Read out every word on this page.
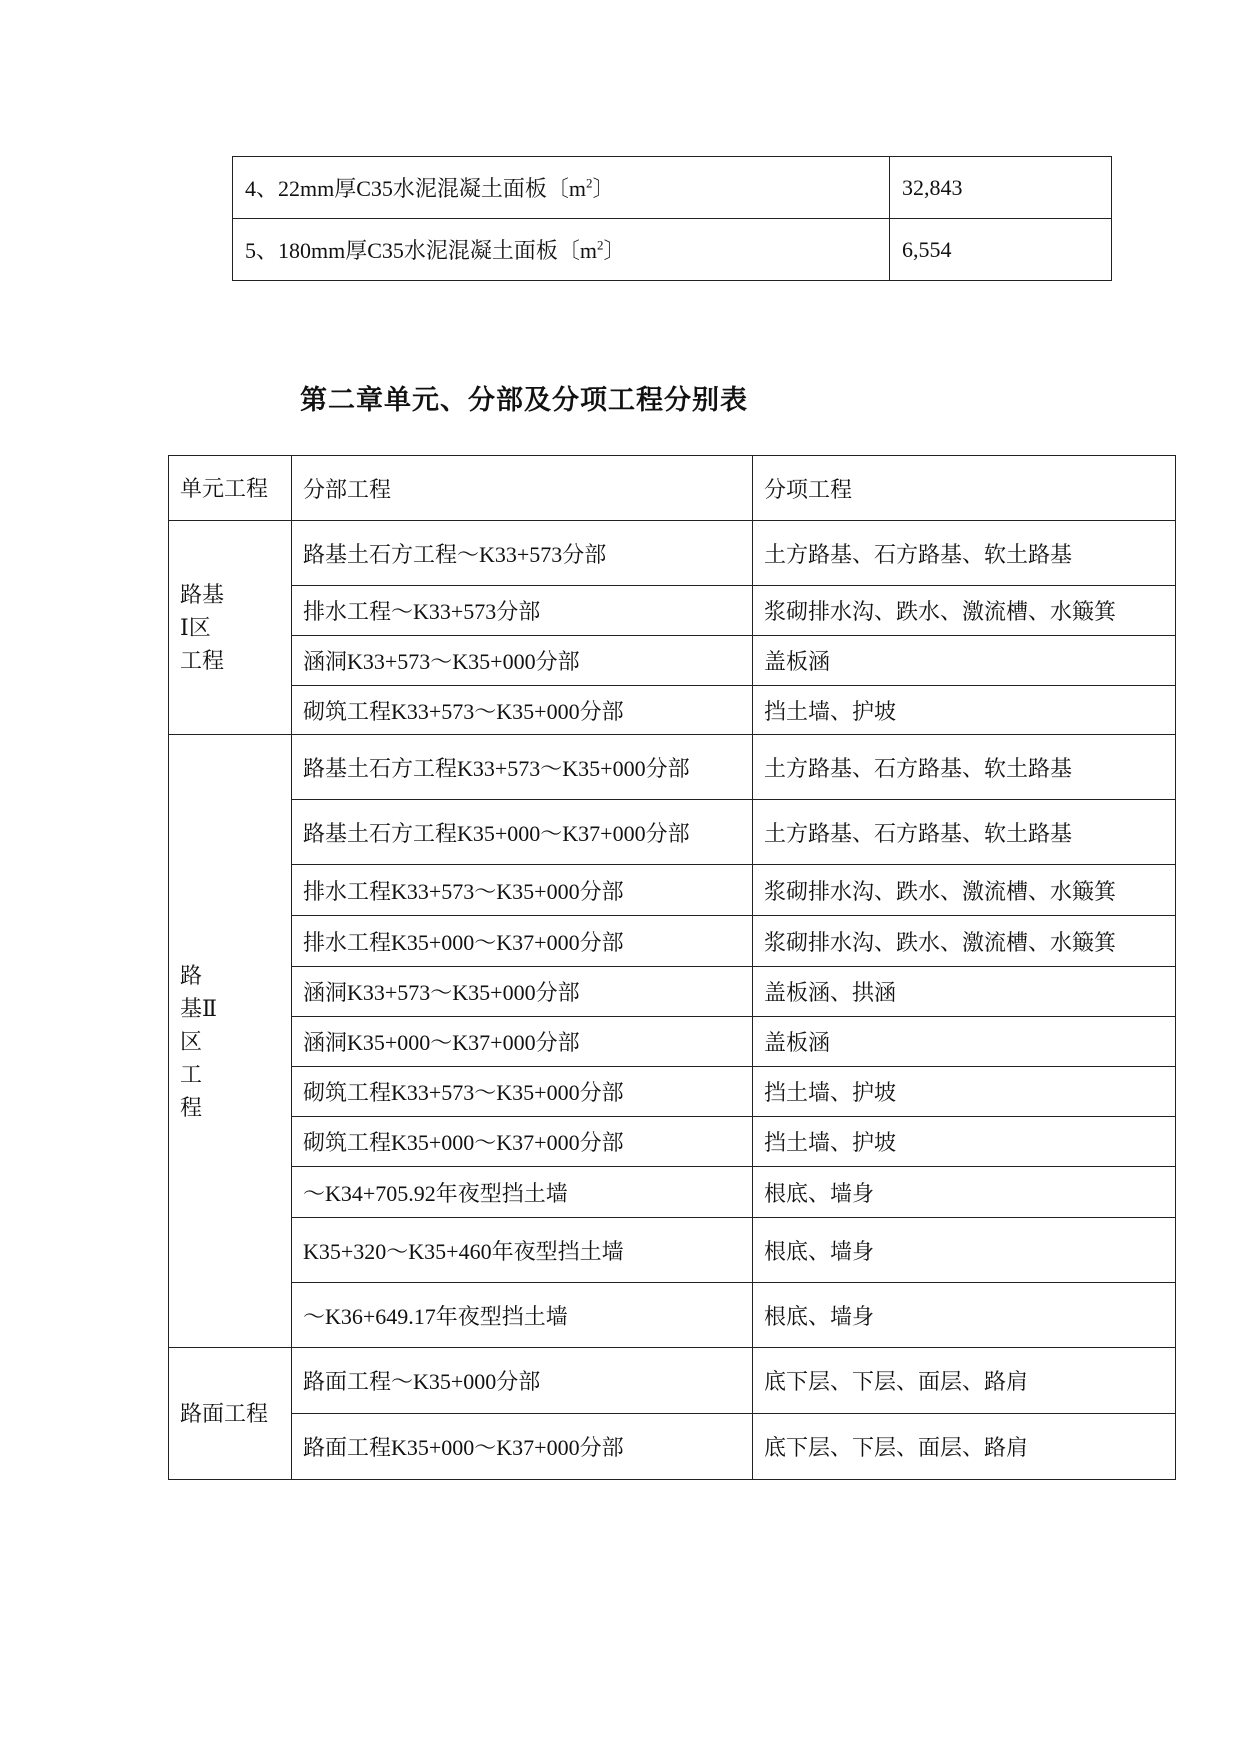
4、22mm厚C35水泥混凝土面板〔$m^2$〕	32,843
5、180mm厚C35水泥混凝土面板〔$m^2$〕	6,554
第二章单元、分部及分项工程分别表
单元工程	分部工程	分项工程

路基
Ⅰ区
工程	路基土石方工程～K33+573分部	土方路基、石方路基、软土路基
	排水工程～K33+573分部	浆砌排水沟、跌水、激流槽、水簸箕
	涵洞K33+573～K35+000分部	盖板涵
	砌筑工程K33+573～K35+000分部	挡土墙、护坡

路
基Ⅱ
区
工
程	路基土石方工程K33+573～K35+000分部	土方路基、石方路基、软土路基
	路基土石方工程K35+000～K37+000分部	土方路基、石方路基、软土路基
	排水工程K33+573～K35+000分部	浆砌排水沟、跌水、激流槽、水簸箕
	排水工程K35+000～K37+000分部	浆砌排水沟、跌水、激流槽、水簸箕
	涵洞K33+573～K35+000分部	盖板涵、拱涵
	涵洞K35+000～K37+000分部	盖板涵
	砌筑工程K33+573～K35+000分部	挡土墙、护坡
	砌筑工程K35+000～K37+000分部	挡土墙、护坡
	～K34+705.92年夜型挡土墙	根底、墙身
	K35+320～K35+460年夜型挡土墙	根底、墙身
	～K36+649.17年夜型挡土墙	根底、墙身

路面工程	路面工程～K35+000分部	底下层、下层、面层、路肩
	路面工程K35+000～K37+000分部	底下层、下层、面层、路肩
